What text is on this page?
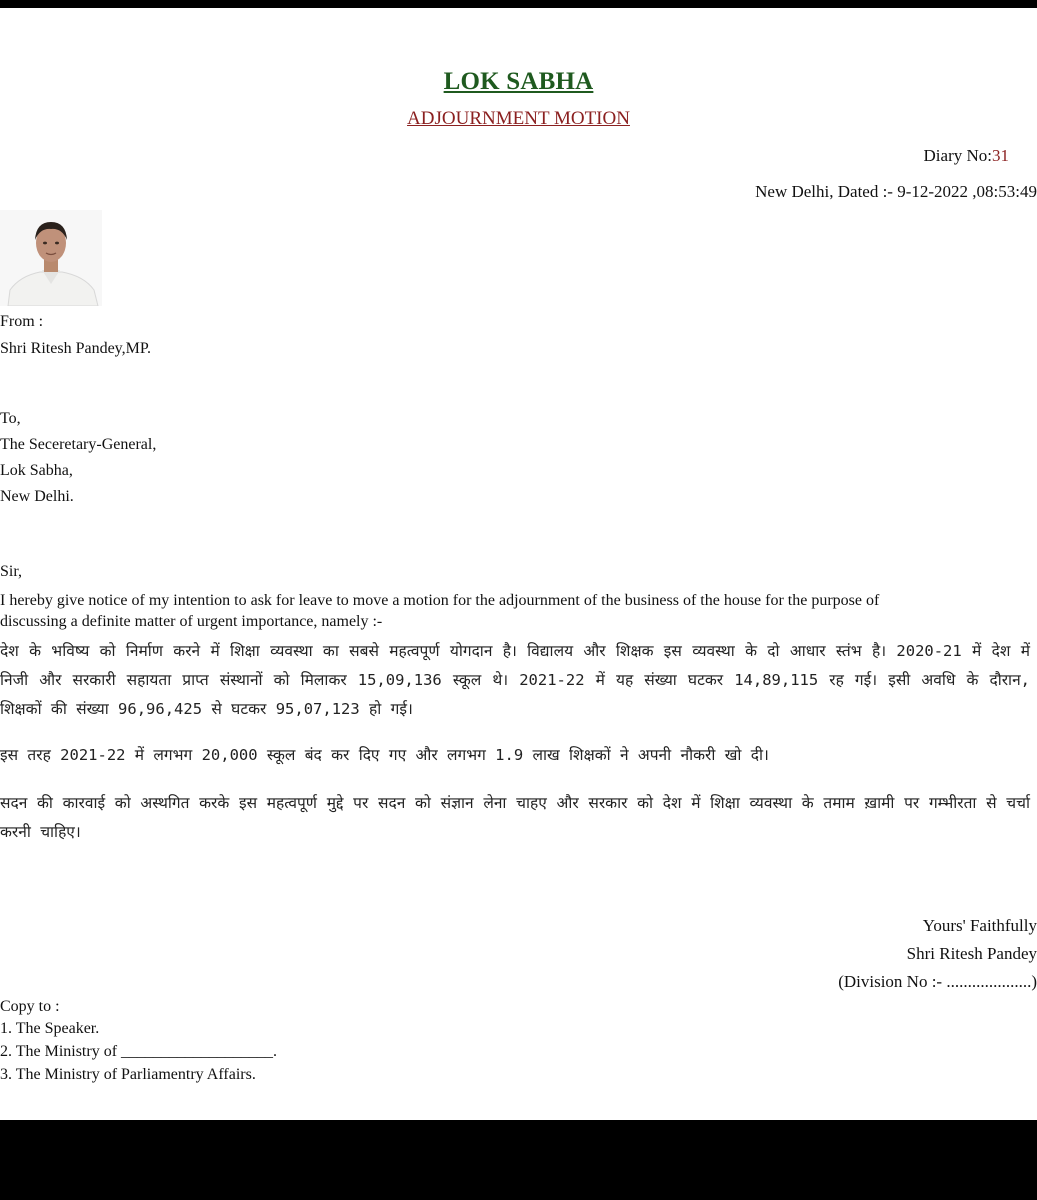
LOK SABHA
ADJOURNMENT MOTION
Diary No:31
New Delhi, Dated :- 9-12-2022 ,08:53:49
From :
Shri Ritesh Pandey,MP.
To,
The Seceretary-General,
Lok Sabha,
New Delhi.
Sir,
I hereby give notice of my intention to ask for leave to move a motion for the adjournment of the business of the house for the purpose of
discussing a definite matter of urgent importance, namely :-
देश के भविष्य को निर्माण करने में शिक्षा व्यवस्था का सबसे महत्वपूर्ण योगदान है। विद्यालय और शिक्षक इस व्यवस्था के दो आधार स्तंभ है। 2020-21 में देश में निजी और सरकारी सहायता प्राप्त संस्थानों को मिलाकर 15,09,136 स्कूल थे। 2021-22 में यह संख्या घटकर 14,89,115 रह गई। इसी अवधि के दौरान, शिक्षकों की संख्या 96,96,425 से घटकर 95,07,123 हो गई।
इस तरह 2021-22 में लगभग 20,000 स्कूल बंद कर दिए गए और लगभग 1.9 लाख शिक्षकों ने अपनी नौकरी खो दी।
सदन की कारवाई को अस्थगित करके इस महत्वपूर्ण मुद्दे पर सदन को संज्ञान लेना चाहए और सरकार को देश में शिक्षा व्यवस्था के तमाम ख़ामी पर गम्भीरता से चर्चा करनी चाहिए।
Yours' Faithfully
Shri Ritesh Pandey
(Division No :- ....................)
Copy to :
1. The Speaker.
2. The Ministry of ___________________.
3. The Ministry of Parliamentry Affairs.
